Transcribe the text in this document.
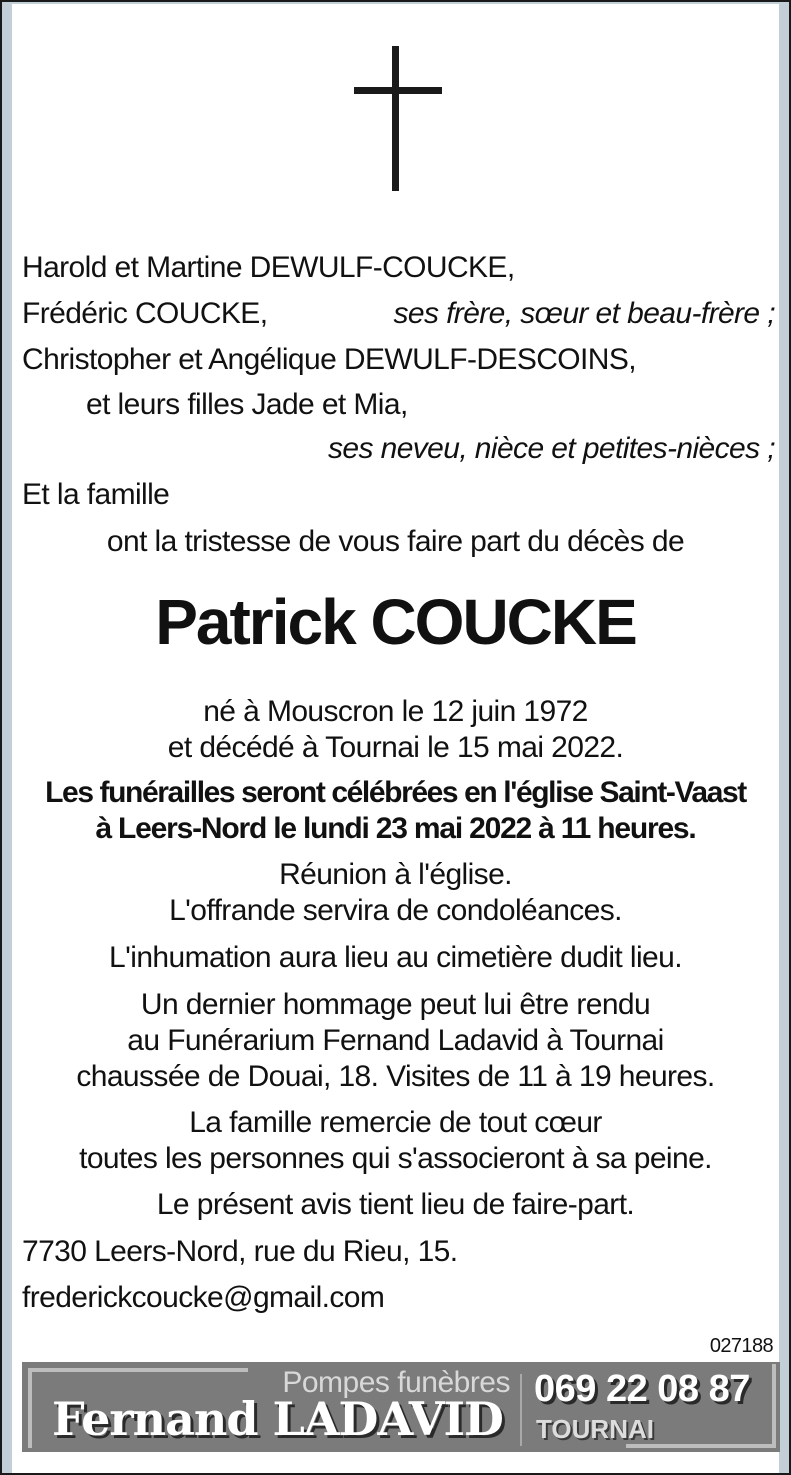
Harold et Martine DEWULF-COUCKE,
Frédéric COUCKE,	ses frère, sœur et beau-frère ;
Christopher et Angélique DEWULF-DESCOINS,
et leurs filles Jade et Mia,
ses neveu, nièce et petites-nièces ;
Et la famille
ont la tristesse de vous faire part du décès de
Patrick COUCKE
né à Mouscron le 12 juin 1972
et décédé à Tournai le 15 mai 2022.
Les funérailles seront célébrées en l'église Saint-Vaast
à Leers-Nord le lundi 23 mai 2022 à 11 heures.
Réunion à l'église.
L'offrande servira de condoléances.
L'inhumation aura lieu au cimetière dudit lieu.
Un dernier hommage peut lui être rendu
au Funérarium Fernand Ladavid à Tournai
chaussée de Douai, 18. Visites de 11 à 19 heures.
La famille remercie de tout cœur
toutes les personnes qui s'associeront à sa peine.
Le présent avis tient lieu de faire-part.
7730 Leers-Nord, rue du Rieu, 15.
frederickcoucke@gmail.com
027188
Pompes funèbres
Fernand LADAVID
069 22 08 87
TOURNAI
